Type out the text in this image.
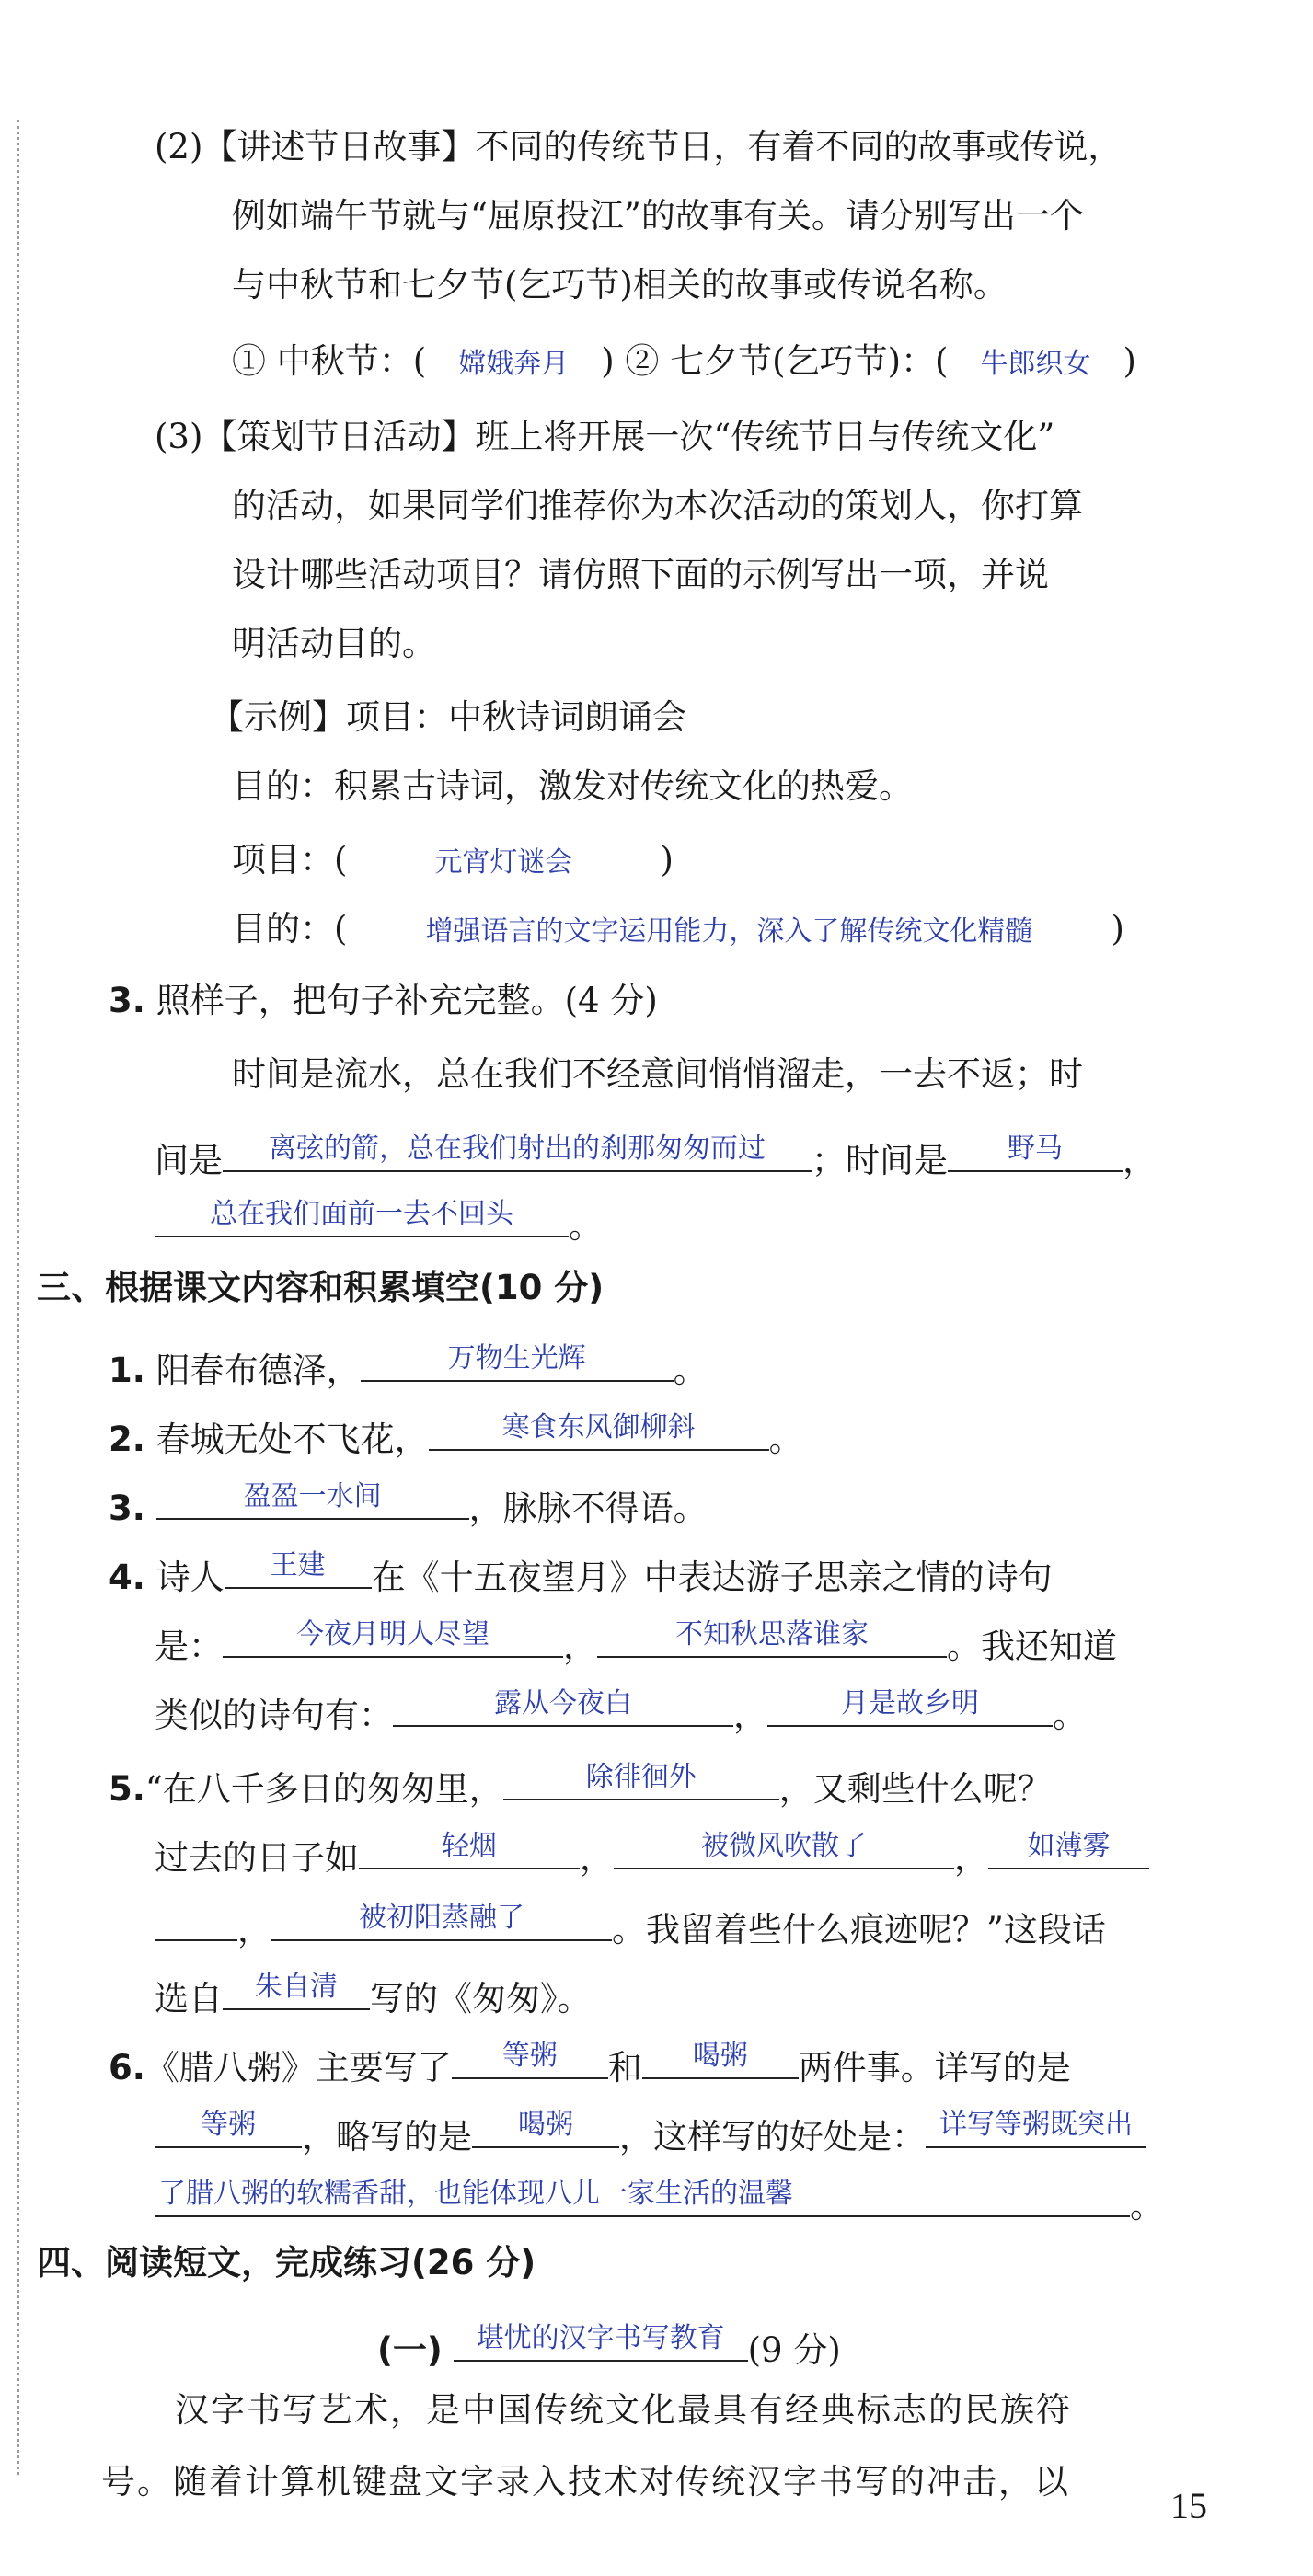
(2)【讲述节日故事】不同的传统节日，有着不同的故事或传说，
例如端午节就与“屈原投江”的故事有关。请分别写出一个
与中秋节和七夕节(乞巧节)相关的故事或传说名称。
① 中秋节：( 嫦娥奔月 ) ② 七夕节(乞巧节)：( 牛郎织女 )
(3)【策划节日活动】班上将开展一次“传统节日与传统文化”
的活动，如果同学们推荐你为本次活动的策划人，你打算
设计哪些活动项目？请仿照下面的示例写出一项，并说
明活动目的。
【示例】项目：中秋诗词朗诵会
目的：积累古诗词，激发对传统文化的热爱。
项目：(	元宵灯谜会	)
目的：(	增强语言的文字运用能力，深入了解传统文化精髓 )
3. 照样子，把句子补充完整。(4 分)
时间是流水，总在我们不经意间悄悄溜走，一去不返；时
间是	离弦的箭，总在我们射出的刹那匆匆而过	；时间是	野马	，
总在我们面前一去不回头	。
三、根据课文内容和积累填空(10 分)
1. 阳春布德泽，	万物生光辉	。
2. 春城无处不飞花，	寒食东风御柳斜	。
3.	盈盈一水间	，脉脉不得语。
4. 诗人	王建	在《十五夜望月》中表达游子思亲之情的诗句
是：	今夜月明人尽望	，	不知秋思落谁家	。我还知道
类似的诗句有：	露从今夜白	，	月是故乡明	。
5.“在八千多日的匆匆里，	除徘徊外	，又剩些什么呢？
过去的日子如	轻烟	，	被微风吹散了	，	如薄雾
，	被初阳蒸融了	。我留着些什么痕迹呢？”这段话
选自	朱自清 写的《匆匆》。
6.《腊八粥》主要写了	等粥	和	喝粥	两件事。详写的是
等粥	，略写的是	喝粥	，这样写的好处是： 详写等粥既突出
了腊八粥的软糯香甜，也能体现八儿一家生活的温馨	。
四、阅读短文，完成练习(26 分)
(一)	堪忧的汉字书写教育 (9 分)
汉字书写艺术，是中国传统文化最具有经典标志的民族符
号。随着计算机键盘文字录入技术对传统汉字书写的冲击，以
15
